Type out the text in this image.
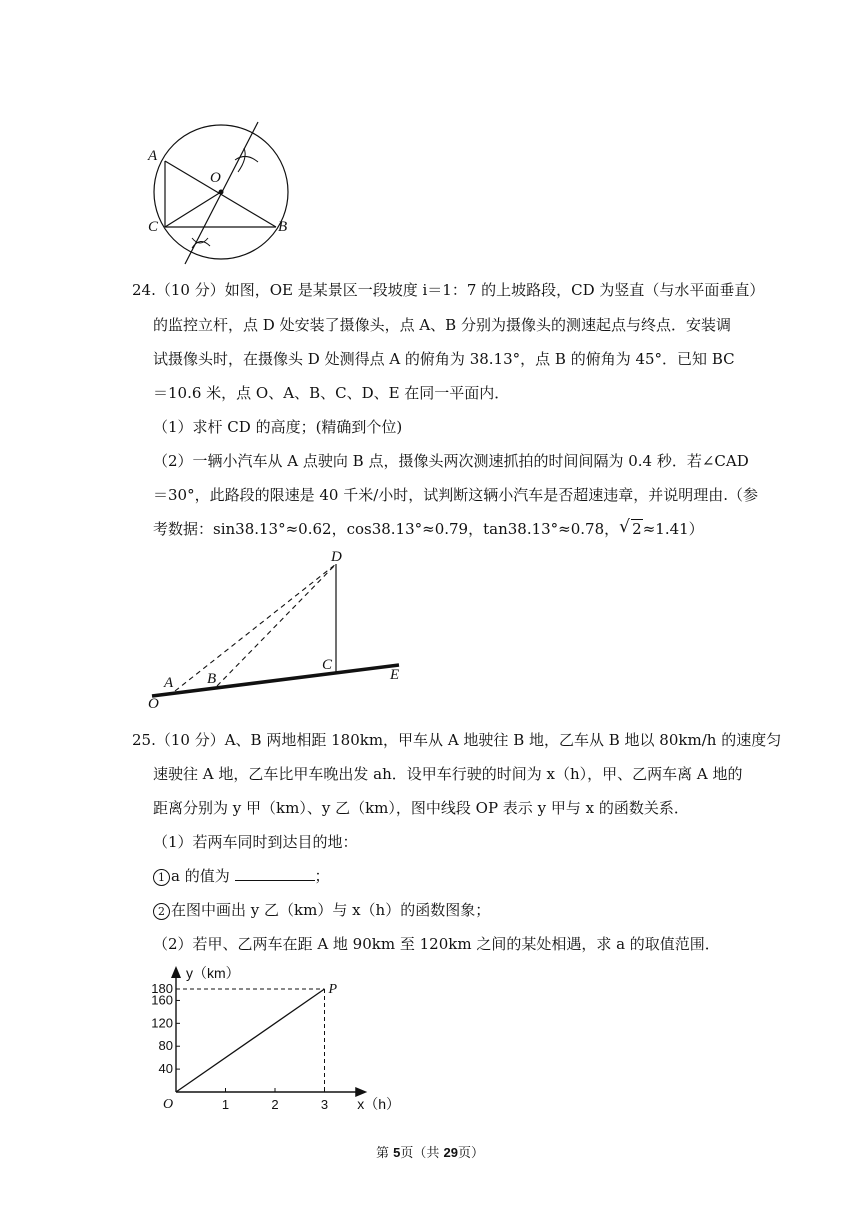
A
O
C	B
24.（10 分）如图，OE 是某景区一段坡度 i＝1：7 的上坡路段，CD 为竖直（与水平面垂直）
的监控立杆，点 D 处安装了摄像头，点 A、B 分别为摄像头的测速起点与终点．安装调
试摄像头时，在摄像头 D 处测得点 A 的俯角为 38.13°，点 B 的俯角为 45°．已知 BC
＝10.6 米，点 O、A、B、C、D、E 在同一平面内．
（1）求杆 CD 的高度；(精确到个位)
（2）一辆小汽车从 A 点驶向 B 点，摄像头两次测速抓拍的时间间隔为 0.4 秒．若∠CAD
＝30°，此路段的限速是 40 千米/小时，试判断这辆小汽车是否超速违章，并说明理由.（参
考数据：sin38.13°≈0.62，cos38.13°≈0.79，tan38.13°≈0.78， √ 2≈1.41）
D
C
A B	E
O
25.（10 分）A、B 两地相距 180km，甲车从 A 地驶往 B 地，乙车从 B 地以 80km/h 的速度匀
速驶往 A 地，乙车比甲车晚出发 ah．设甲车行驶的时间为 x（h），甲、乙两车离 A 地的
距离分别为 y 甲（km）、y 乙（km），图中线段 OP 表示 y 甲与 x 的函数关系．
（1）若两车同时到达目的地：
1 a 的值为	；
2 在图中画出 y 乙（km）与 x（h）的函数图象；
（2）若甲、乙两车在距 A 地 90km 至 120km 之间的某处相遇，求 a 的取值范围．
40
80
120
160
180
1	2	3
P
O
y（km）
x（h）
第 5页（共 29页）
